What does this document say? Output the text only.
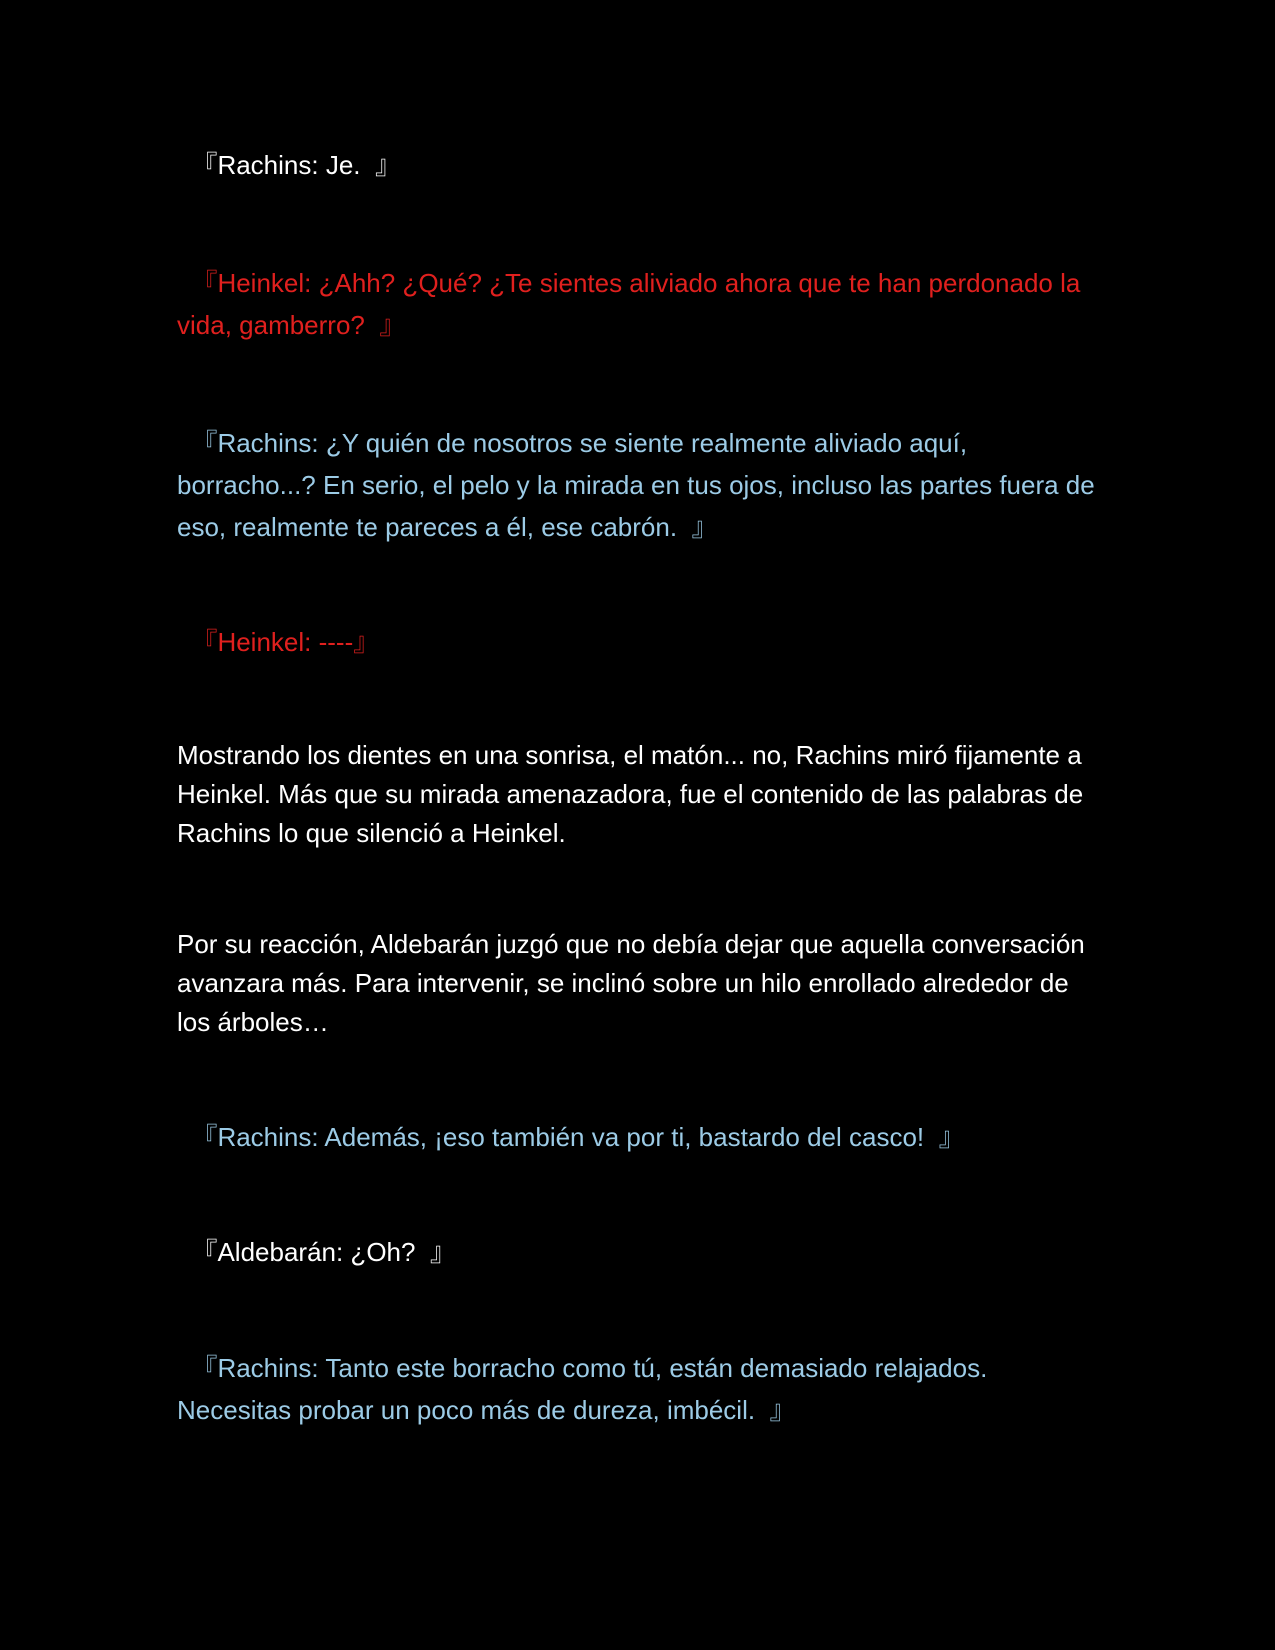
『Rachins: Je.  』

『Heinkel: ¿Ahh? ¿Qué? ¿Te sientes aliviado ahora que te han perdonado la vida, gamberro?  』

『Rachins: ¿Y quién de nosotros se siente realmente aliviado aquí, borracho...? En serio, el pelo y la mirada en tus ojos, incluso las partes fuera de eso, realmente te pareces a él, ese cabrón.  』

『Heinkel: ----』

Mostrando los dientes en una sonrisa, el matón... no, Rachins miró fijamente a Heinkel. Más que su mirada amenazadora, fue el contenido de las palabras de Rachins lo que silenció a Heinkel.

Por su reacción, Aldebarán juzgó que no debía dejar que aquella conversación avanzara más. Para intervenir, se inclinó sobre un hilo enrollado alrededor de los árboles…

『Rachins: Además, ¡eso también va por ti, bastardo del casco!  』

『Aldebarán: ¿Oh?  』

『Rachins: Tanto este borracho como tú, están demasiado relajados. Necesitas probar un poco más de dureza, imbécil.  』
